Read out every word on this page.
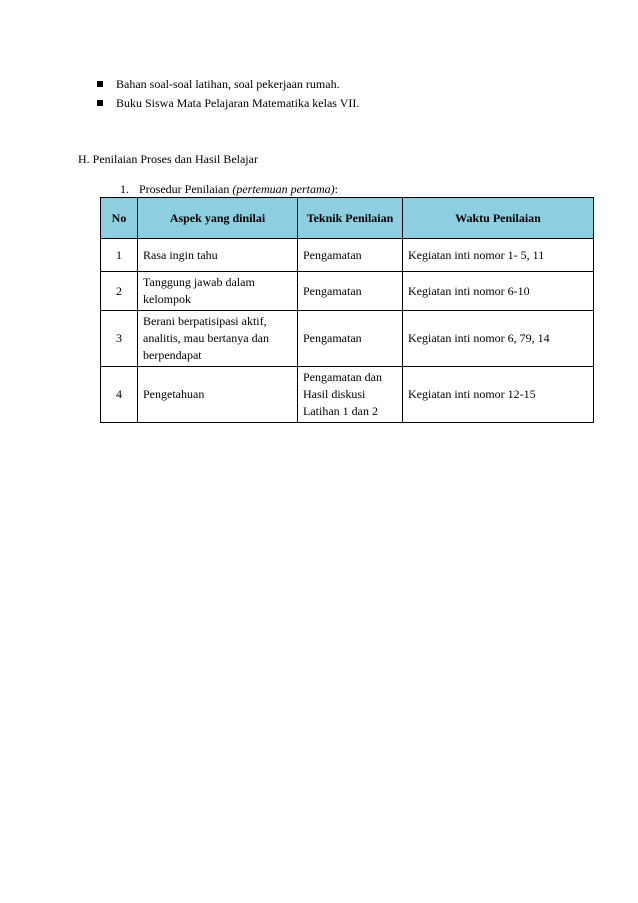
Bahan soal-soal latihan, soal pekerjaan rumah.
Buku Siswa Mata Pelajaran Matematika kelas VII.
H. Penilaian Proses dan Hasil Belajar
1. Prosedur Penilaian (pertemuan pertama):
No	Aspek yang dinilai	Teknik Penilaian	Waktu Penilaian
1	Rasa ingin tahu	Pengamatan	Kegiatan inti nomor 1- 5, 11
2	Tanggung jawab dalam kelompok	Pengamatan	Kegiatan inti nomor 6-10
3	Berani berpatisipasi aktif, analitis, mau bertanya dan berpendapat	Pengamatan	Kegiatan inti nomor 6, 79, 14
4	Pengetahuan	Pengamatan dan Hasil diskusi Latihan 1 dan 2	Kegiatan inti nomor 12-15
